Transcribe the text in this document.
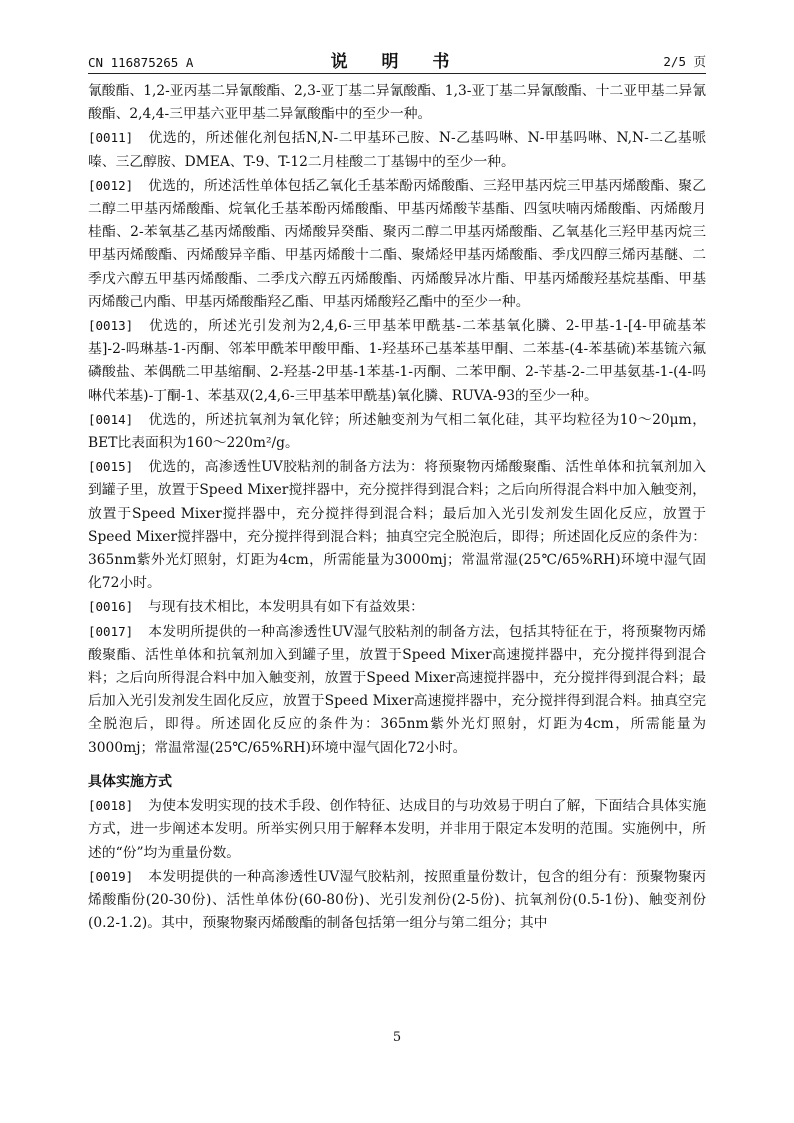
CN 116875265 A	说 明 书	2/5 页

氰酸酯、1,2-亚丙基二异氰酸酯、2,3-亚丁基二异氰酸酯、1,3-亚丁基二异氰酸酯、十二亚甲基二异氰酸酯、2,4,4-三甲基六亚甲基二异氰酸酯中的至少一种。

[0011] 优选的，所述催化剂包括N,N-二甲基环己胺、N-乙基吗啉、N-甲基吗啉、N,N-二乙基哌嗪、三乙醇胺、DMEA、T-9、T-12二月桂酸二丁基锡中的至少一种。

[0012] 优选的，所述活性单体包括乙氧化壬基苯酚丙烯酸酯、三羟甲基丙烷三甲基丙烯酸酯、聚乙二醇二甲基丙烯酸酯、烷氧化壬基苯酚丙烯酸酯、甲基丙烯酸苄基酯、四氢呋喃丙烯酸酯、丙烯酸月桂酯、2-苯氧基乙基丙烯酸酯、丙烯酸异癸酯、聚丙二醇二甲基丙烯酸酯、乙氧基化三羟甲基丙烷三甲基丙烯酸酯、丙烯酸异辛酯、甲基丙烯酸十二酯、聚烯烃甲基丙烯酸酯、季戊四醇三烯丙基醚、二季戊六醇五甲基丙烯酸酯、二季戊六醇五丙烯酸酯、丙烯酸异冰片酯、甲基丙烯酸羟基烷基酯、甲基丙烯酸己内酯、甲基丙烯酸酯羟乙酯、甲基丙烯酸羟乙酯中的至少一种。

[0013] 优选的，所述光引发剂为2,4,6-三甲基苯甲酰基-二苯基氧化膦、2-甲基-1-[4-甲硫基苯基]-2-吗琳基-1-丙酮、邻苯甲酰苯甲酸甲酯、1-羟基环己基苯基甲酮、二苯基-(4-苯基硫)苯基锍六氟磷酸盐、苯偶酰二甲基缩酮、2-羟基-2甲基-1苯基-1-丙酮、二苯甲酮、2-苄基-2-二甲基氨基-1-(4-吗啉代苯基)-丁酮-1、苯基双(2,4,6-三甲基苯甲酰基)氧化膦、RUVA-93的至少一种。

[0014] 优选的，所述抗氧剂为氧化锌；所述触变剂为气相二氧化硅，其平均粒径为10～20μm，BET比表面积为160～220m²/g。

[0015] 优选的，高渗透性UV胶粘剂的制备方法为：将预聚物丙烯酸聚酯、活性单体和抗氧剂加入到罐子里，放置于Speed Mixer搅拌器中，充分搅拌得到混合料；之后向所得混合料中加入触变剂，放置于Speed Mixer搅拌器中，充分搅拌得到混合料；最后加入光引发剂发生固化反应，放置于Speed Mixer搅拌器中，充分搅拌得到混合料；抽真空完全脱泡后，即得；所述固化反应的条件为：365nm紫外光灯照射，灯距为4cm，所需能量为3000mj；常温常湿(25℃/65%RH)环境中湿气固化72小时。

[0016] 与现有技术相比，本发明具有如下有益效果：

[0017] 本发明所提供的一种高渗透性UV湿气胶粘剂的制备方法，包括其特征在于，将预聚物丙烯酸聚酯、活性单体和抗氧剂加入到罐子里，放置于Speed Mixer高速搅拌器中，充分搅拌得到混合料；之后向所得混合料中加入触变剂，放置于Speed Mixer高速搅拌器中，充分搅拌得到混合料；最后加入光引发剂发生固化反应，放置于Speed Mixer高速搅拌器中，充分搅拌得到混合料。抽真空完全脱泡后，即得。所述固化反应的条件为：365nm紫外光灯照射，灯距为4cm，所需能量为3000mj；常温常湿(25℃/65%RH)环境中湿气固化72小时。

具体实施方式

[0018] 为使本发明实现的技术手段、创作特征、达成目的与功效易于明白了解，下面结合具体实施方式，进一步阐述本发明。所举实例只用于解释本发明，并非用于限定本发明的范围。实施例中，所述的“份”均为重量份数。

[0019] 本发明提供的一种高渗透性UV湿气胶粘剂，按照重量份数计，包含的组分有：预聚物聚丙烯酸酯份(20-30份)、活性单体份(60-80份)、光引发剂份(2-5份)、抗氧剂份(0.5-1份)、触变剂份(0.2-1.2)。其中，预聚物聚丙烯酸酯的制备包括第一组分与第二组分；其中

5
